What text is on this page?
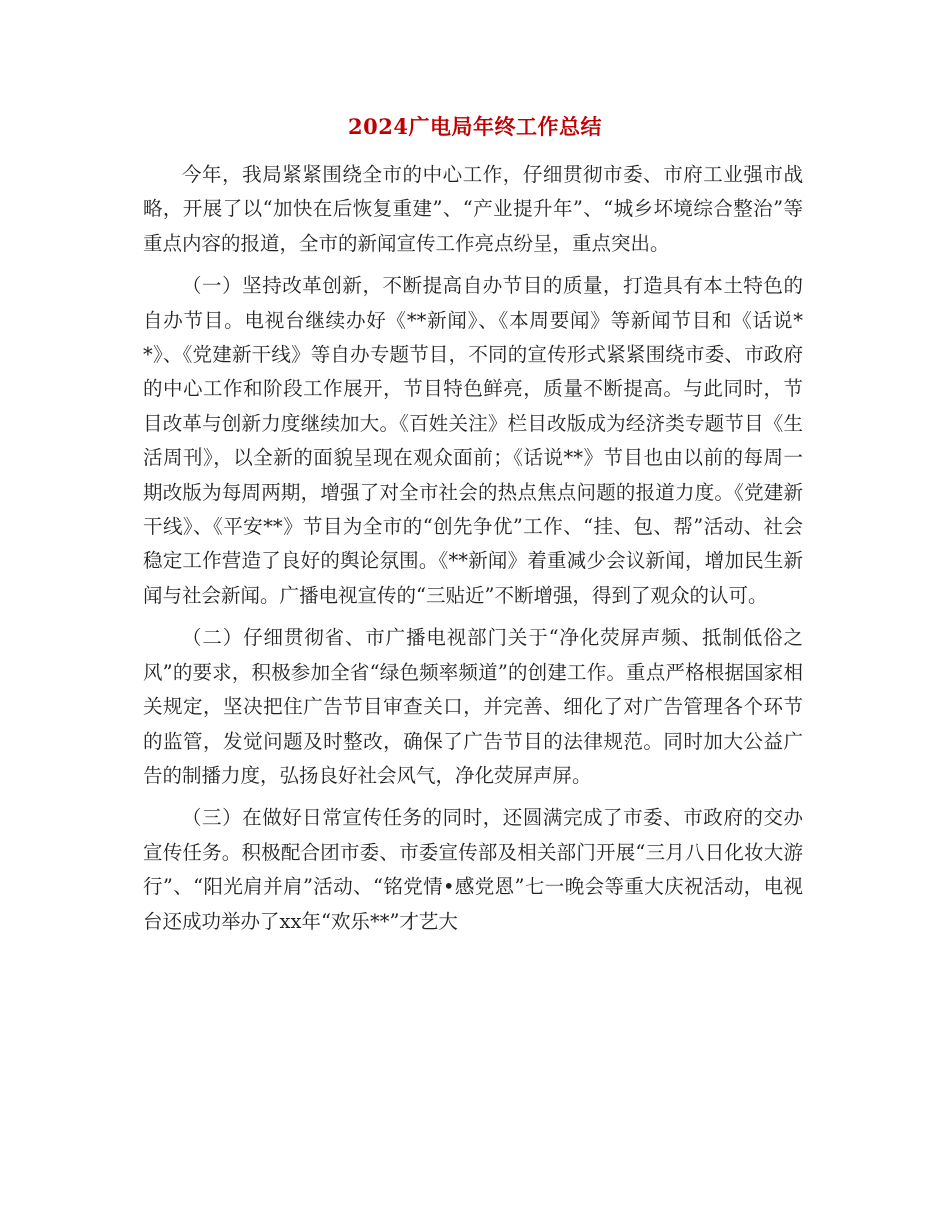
2024广电局年终工作总结

今年，我局紧紧围绕全市的中心工作，仔细贯彻市委、市府工业强市战略，开展了以“加快在后恢复重建”、“产业提升年”、“城乡坏境综合整治”等重点内容的报道，全市的新闻宣传工作亮点纷呈，重点突出。

（一）坚持改革创新，不断提高自办节目的质量，打造具有本土特色的自办节目。电视台继续办好《**新闻》、《本周要闻》等新闻节目和《话说**》、《党建新干线》等自办专题节目，不同的宣传形式紧紧围绕市委、市政府的中心工作和阶段工作展开，节目特色鲜亮，质量不断提高。与此同时，节目改革与创新力度继续加大。《百姓关注》栏目改版成为经济类专题节目《生活周刊》，以全新的面貌呈现在观众面前；《话说**》节目也由以前的每周一期改版为每周两期，增强了对全市社会的热点焦点问题的报道力度。《党建新干线》、《平安**》节目为全市的“创先争优”工作、“挂、包、帮”活动、社会稳定工作营造了良好的舆论氛围。《**新闻》着重减少会议新闻，增加民生新闻与社会新闻。广播电视宣传的“三贴近”不断增强，得到了观众的认可。

（二）仔细贯彻省、市广播电视部门关于“净化荧屏声频、抵制低俗之风”的要求，积极参加全省“绿色频率频道”的创建工作。重点严格根据国家相关规定，坚决把住广告节目审查关口，并完善、细化了对广告管理各个环节的监管，发觉问题及时整改，确保了广告节目的法律规范。同时加大公益广告的制播力度，弘扬良好社会风气，净化荧屏声屏。

（三）在做好日常宣传任务的同时，还圆满完成了市委、市政府的交办宣传任务。积极配合团市委、市委宣传部及相关部门开展“三月八日化妆大游行”、“阳光肩并肩”活动、“铭党情•感党恩”七一晚会等重大庆祝活动，电视台还成功举办了xx年“欢乐**”才艺大
